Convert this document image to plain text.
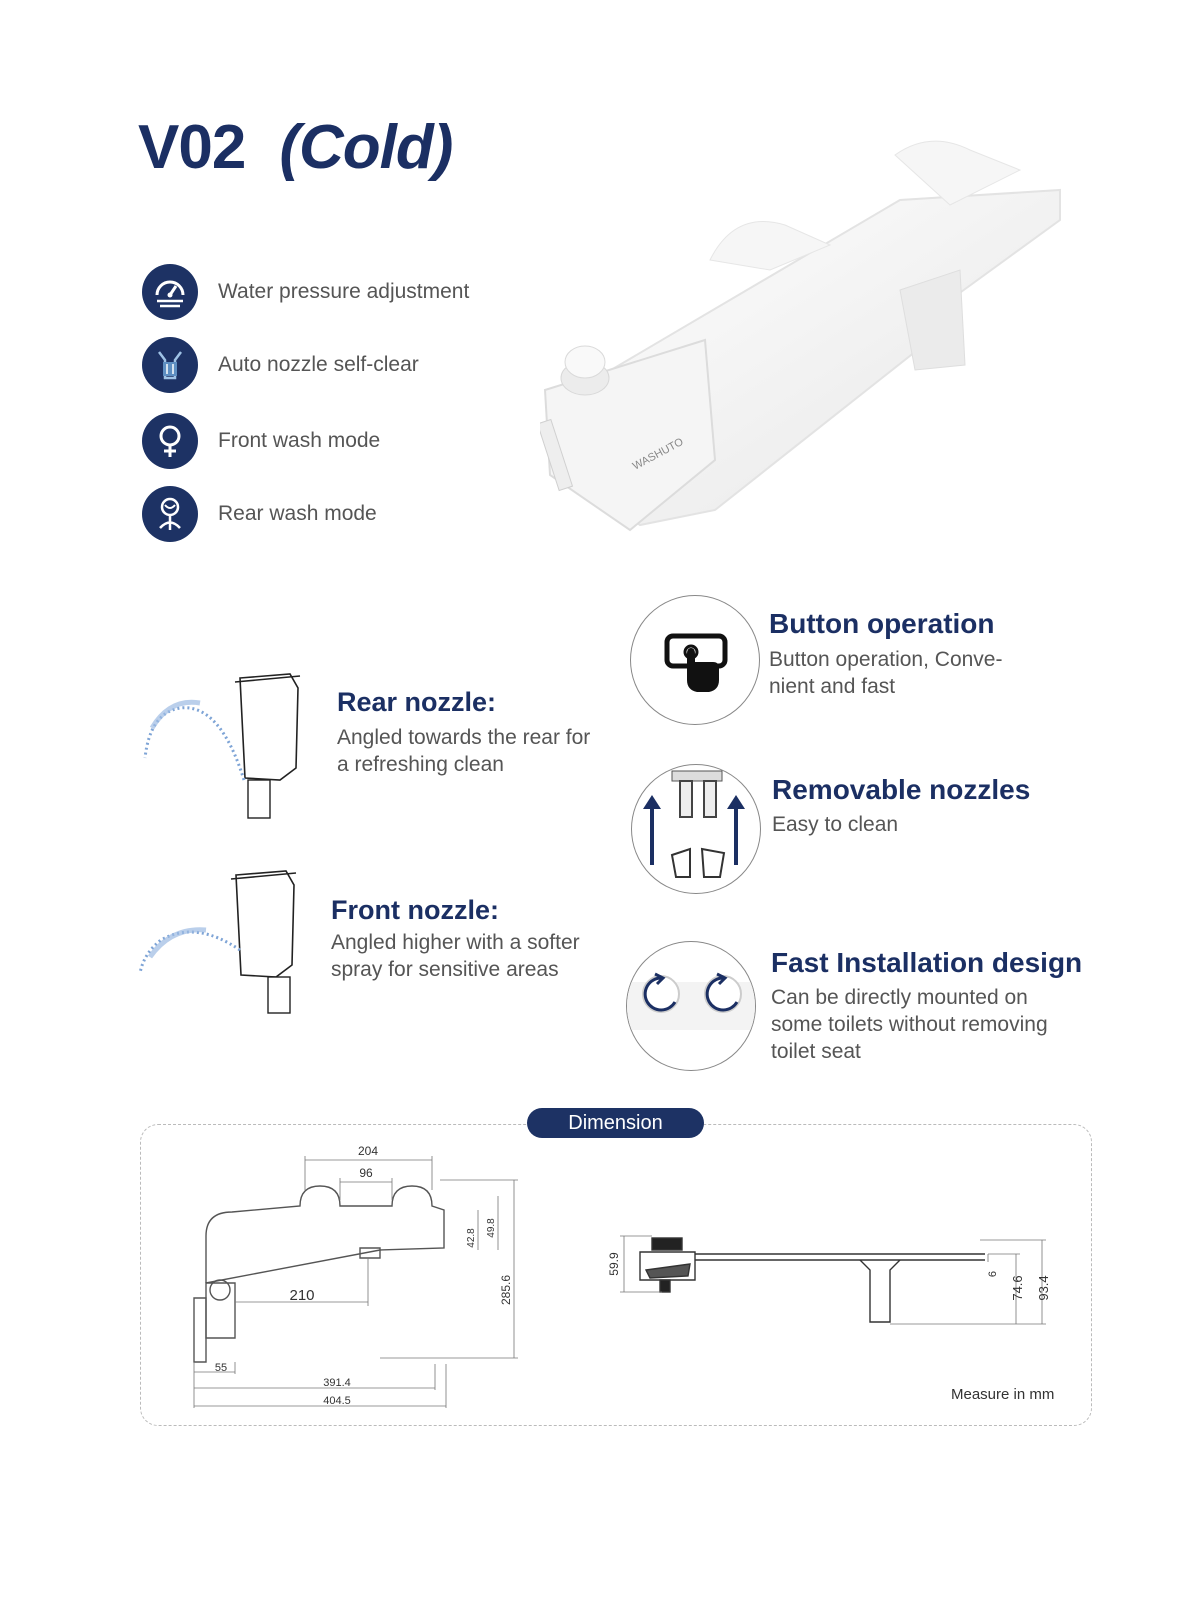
V02 (Cold)
Water pressure adjustment
Auto nozzle self-clear
Front wash mode
Rear wash mode
WASHUTO
Rear nozzle:
Angled towards the rear for a refreshing clean
Front nozzle:
Angled higher with a softer spray for sensitive areas
Button operation
Button operation, Conve-
nient and fast
Removable nozzles
Easy to clean
Fast Installation design
Can be directly mounted on
some toilets without removing
toilet seat
Dimension
204
96
210
42.8
49.8
285.6
55
391.4
404.5
59.9	6
74.6 93.4
Measure in mm
